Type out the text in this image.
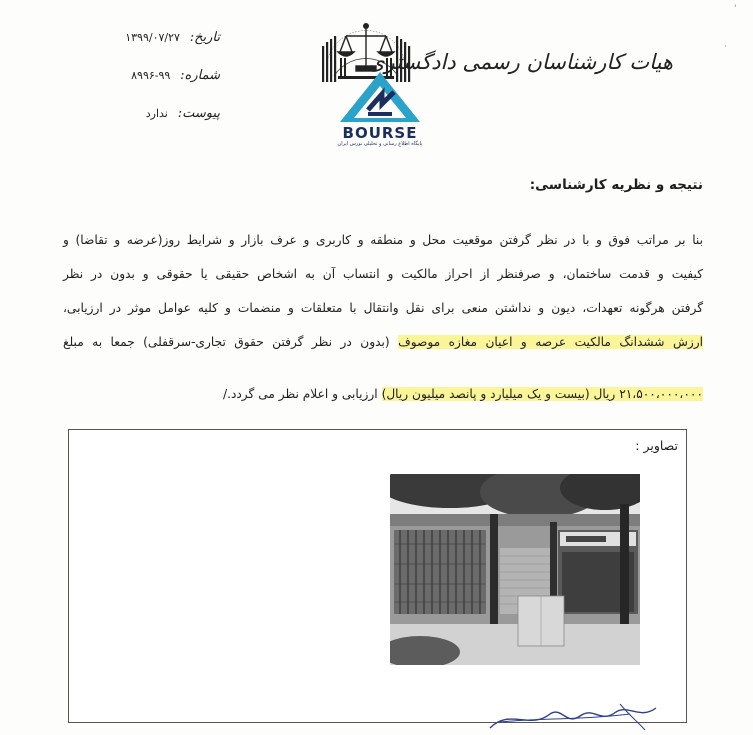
تاریخ: ۱۳۹۹/۰۷/۲۷
شماره: ۹۹-۸۹۹۶
پیوست: ندارد
BOURSE
پایگاه اطلاع رسانی و تحلیلی بورس ایران
هیات کارشناسان رسمی دادگستری
·
'
نتیجه و نظریه کارشناسی:
بنا بر مراتب فوق و با در نظر گرفتن موقعیت محل و منطقه و کاربری و عرف بازار و شرایط روز(عرضه و تقاضا) و
کیفیت و قدمت ساختمان، و صرفنظر از احراز مالکیت و انتساب آن به اشخاص حقیقی یا حقوقی و بدون در نظر
گرفتن هرگونه تعهدات، دیون و نداشتن منعی برای نقل وانتقال با متعلقات و منضمات و کلیه عوامل موثر در ارزیابی،
ارزش ششدانگ مالکیت عرصه و اعیان مغازه موصوف (بدون در نظر گرفتن حقوق تجاری-سرقفلی) جمعا به مبلغ
۲۱،۵۰۰،۰۰۰،۰۰۰ ریال (بیست و یک میلیارد و پانصد میلیون ریال) ارزیابی و اعلام نظر می گردد./
تصاویر :
